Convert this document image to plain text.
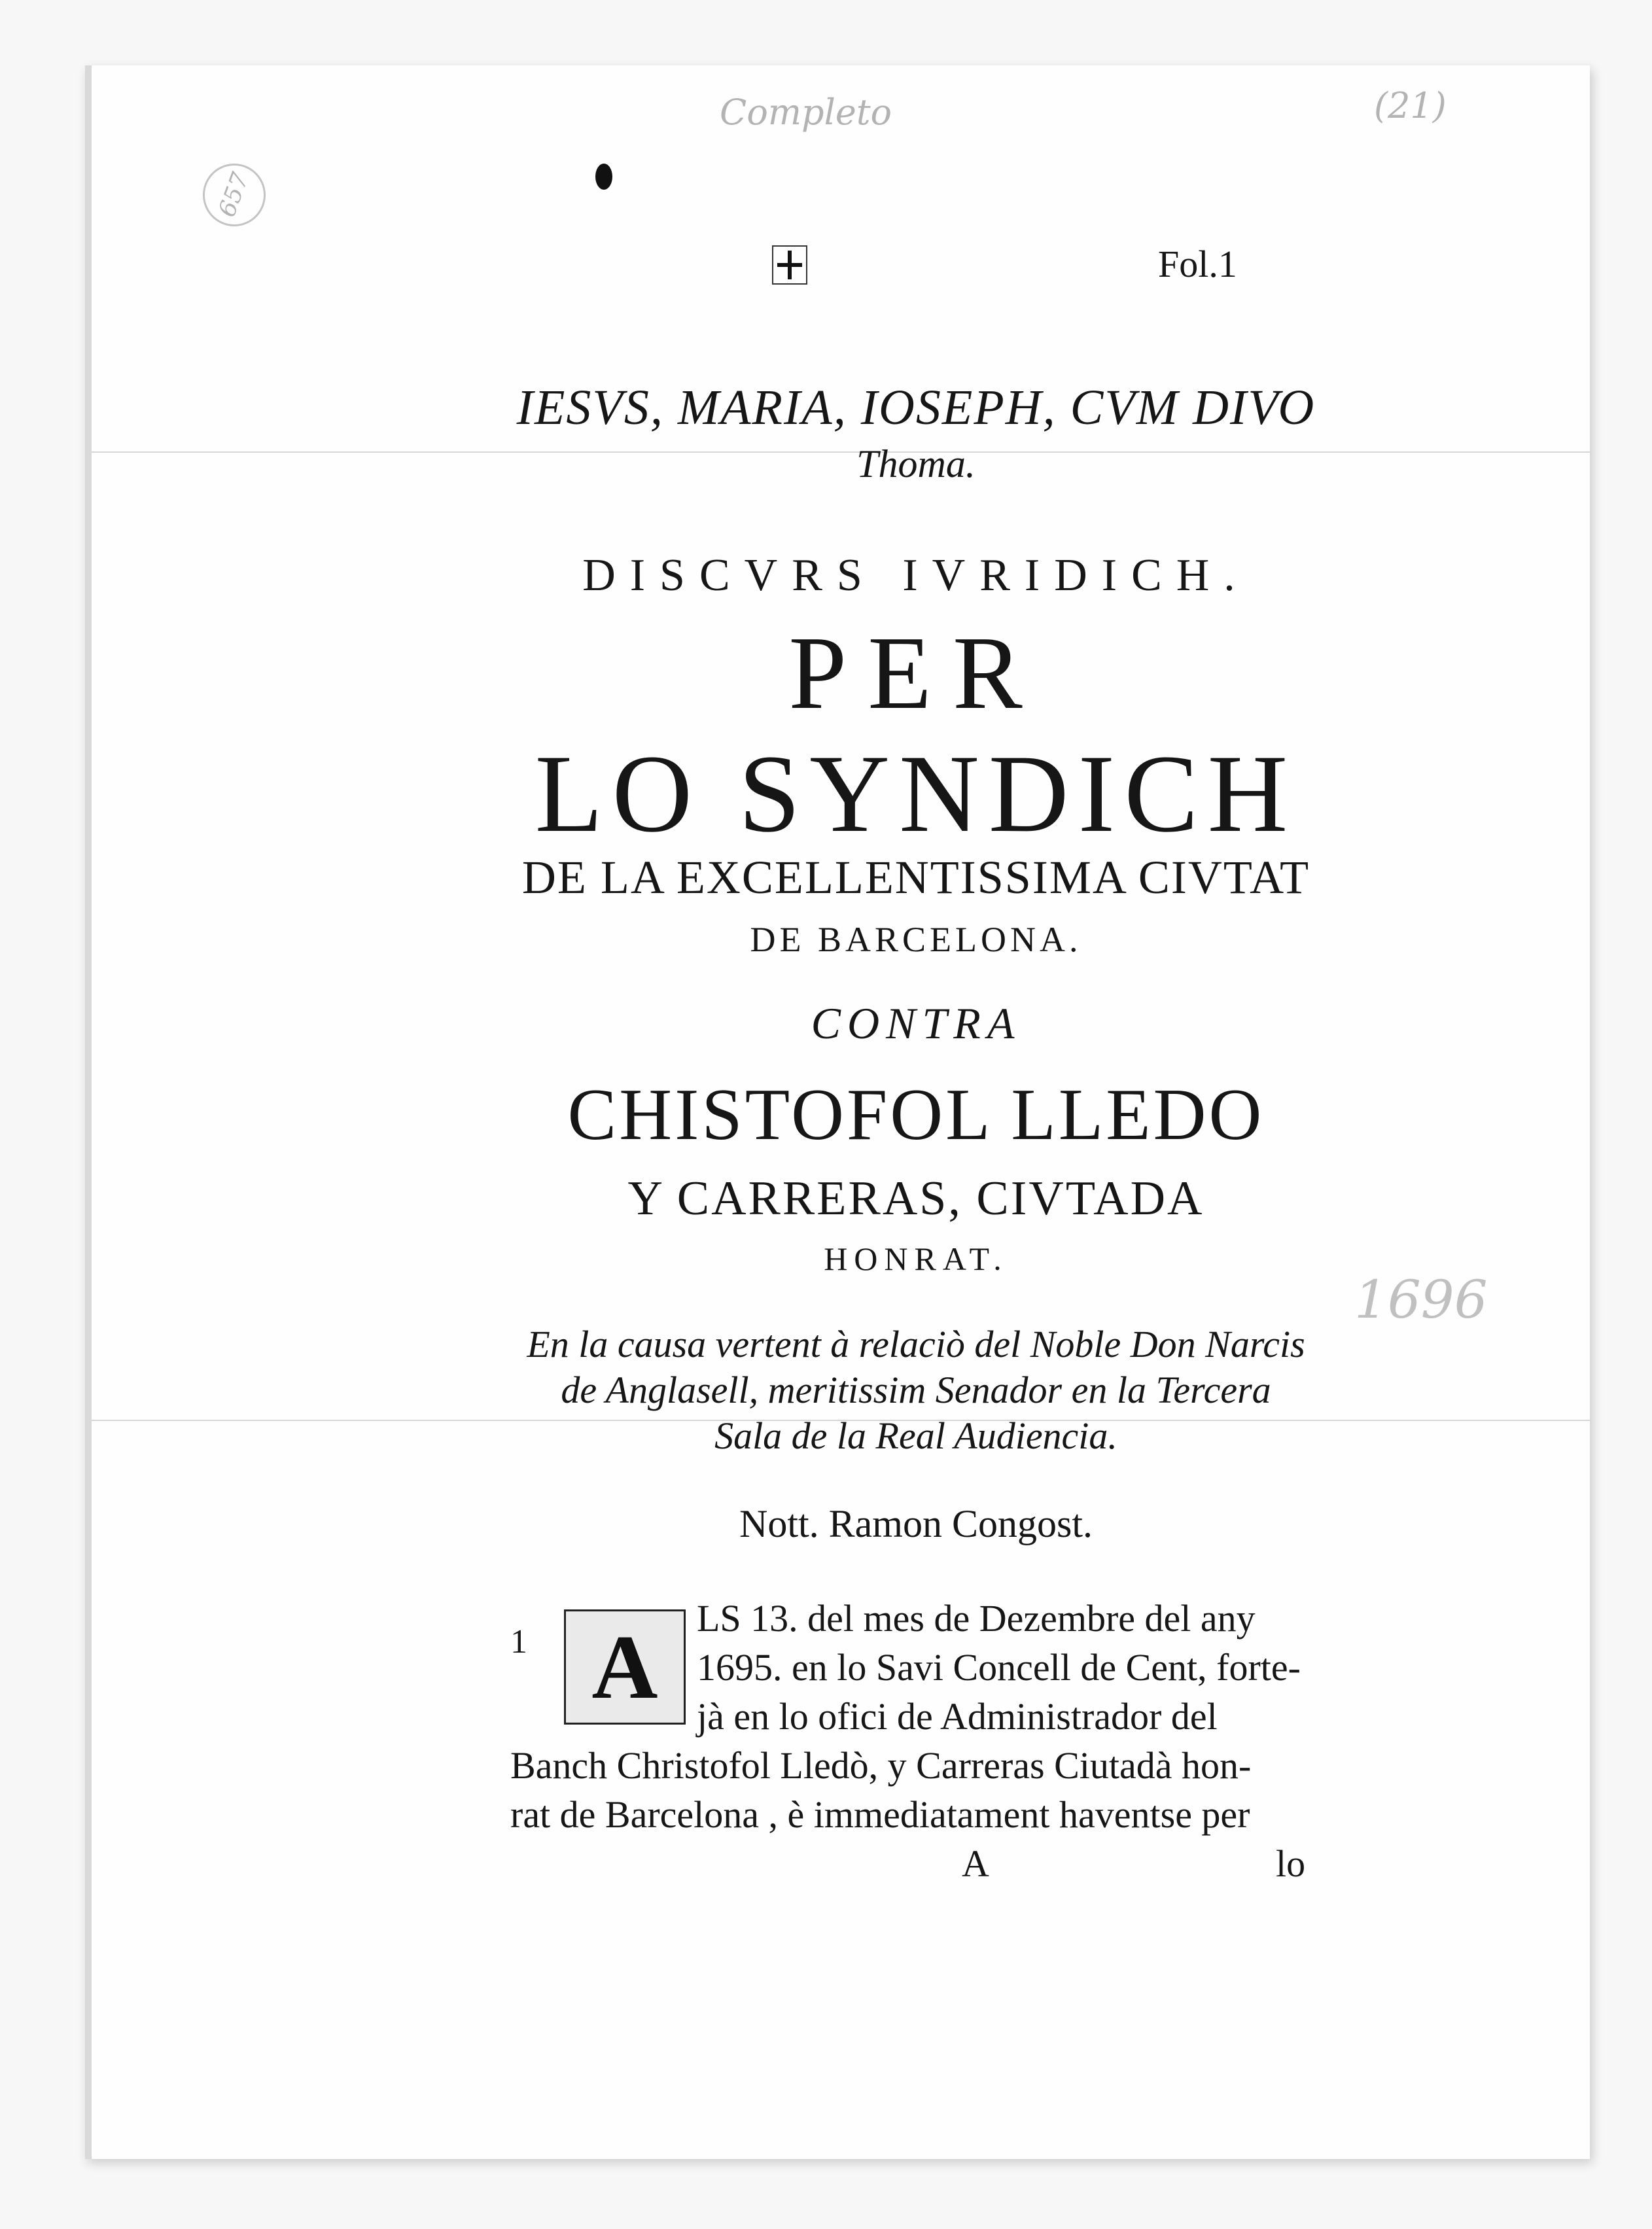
657
Completo	(21)
1696
Fol.1
IESVS, MARIA, IOSEPH, CVM DIVO
Thoma.
DISCVRS IVRIDICH.
PER
LO SYNDICH
DE LA EXCELLENTISSIMA CIVTAT
DE BARCELONA.
CONTRA
CHISTOFOL LLEDO
Y CARRERAS, CIVTADA
HONRAT.
En la causa vertent à relaciò del Noble Don Narcis
de Anglasell, meritissim Senador en la Tercera
Sala de la Real Audiencia.
Nott. Ramon Congost.
1 A LS 13. del mes de Dezembre del any
1695. en lo Savi Concell de Cent, forte-
jà en lo ofici de Administrador del
Banch Christofol Lledò, y Carreras Ciutadà hon-
rat de Barcelona , è immediatament haventse per
A	lo
